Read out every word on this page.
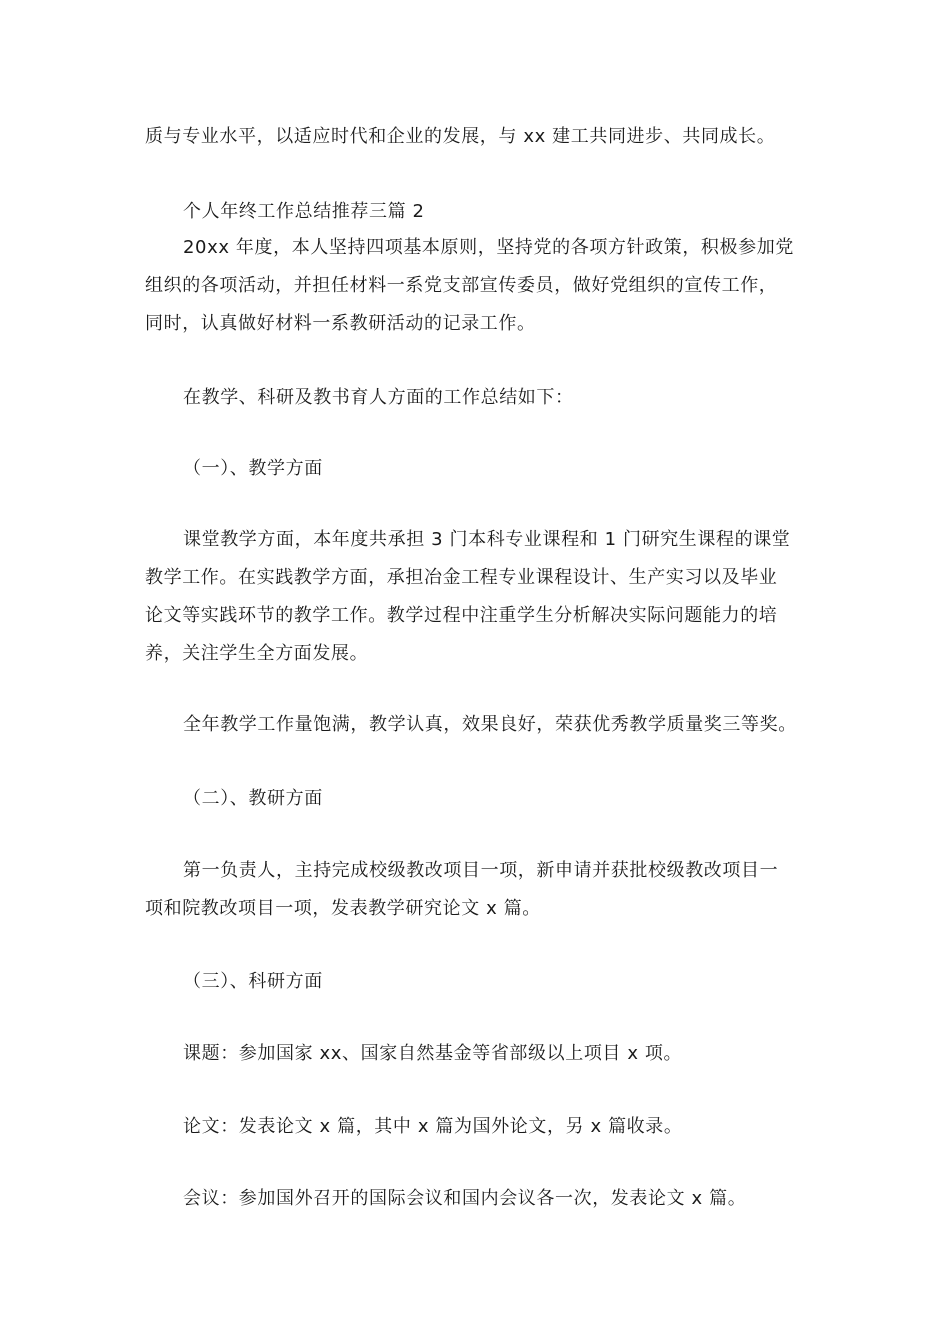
质与专业水平，以适应时代和企业的发展，与 xx 建工共同进步、共同成长。
个人年终工作总结推荐三篇 2
20xx 年度，本人坚持四项基本原则，坚持党的各项方针政策，积极参加党
组织的各项活动，并担任材料一系党支部宣传委员，做好党组织的宣传工作，
同时，认真做好材料一系教研活动的记录工作。
在教学、科研及教书育人方面的工作总结如下：
（一）、教学方面
课堂教学方面，本年度共承担 3 门本科专业课程和 1 门研究生课程的课堂
教学工作。在实践教学方面，承担冶金工程专业课程设计、生产实习以及毕业
论文等实践环节的教学工作。教学过程中注重学生分析解决实际问题能力的培
养，关注学生全方面发展。
全年教学工作量饱满，教学认真，效果良好，荣获优秀教学质量奖三等奖。
（二）、教研方面
第一负责人，主持完成校级教改项目一项，新申请并获批校级教改项目一
项和院教改项目一项，发表教学研究论文 x 篇。
（三）、科研方面
课题：参加国家 xx、国家自然基金等省部级以上项目 x 项。
论文：发表论文 x 篇，其中 x 篇为国外论文，另 x 篇收录。
会议：参加国外召开的国际会议和国内会议各一次，发表论文 x 篇。
